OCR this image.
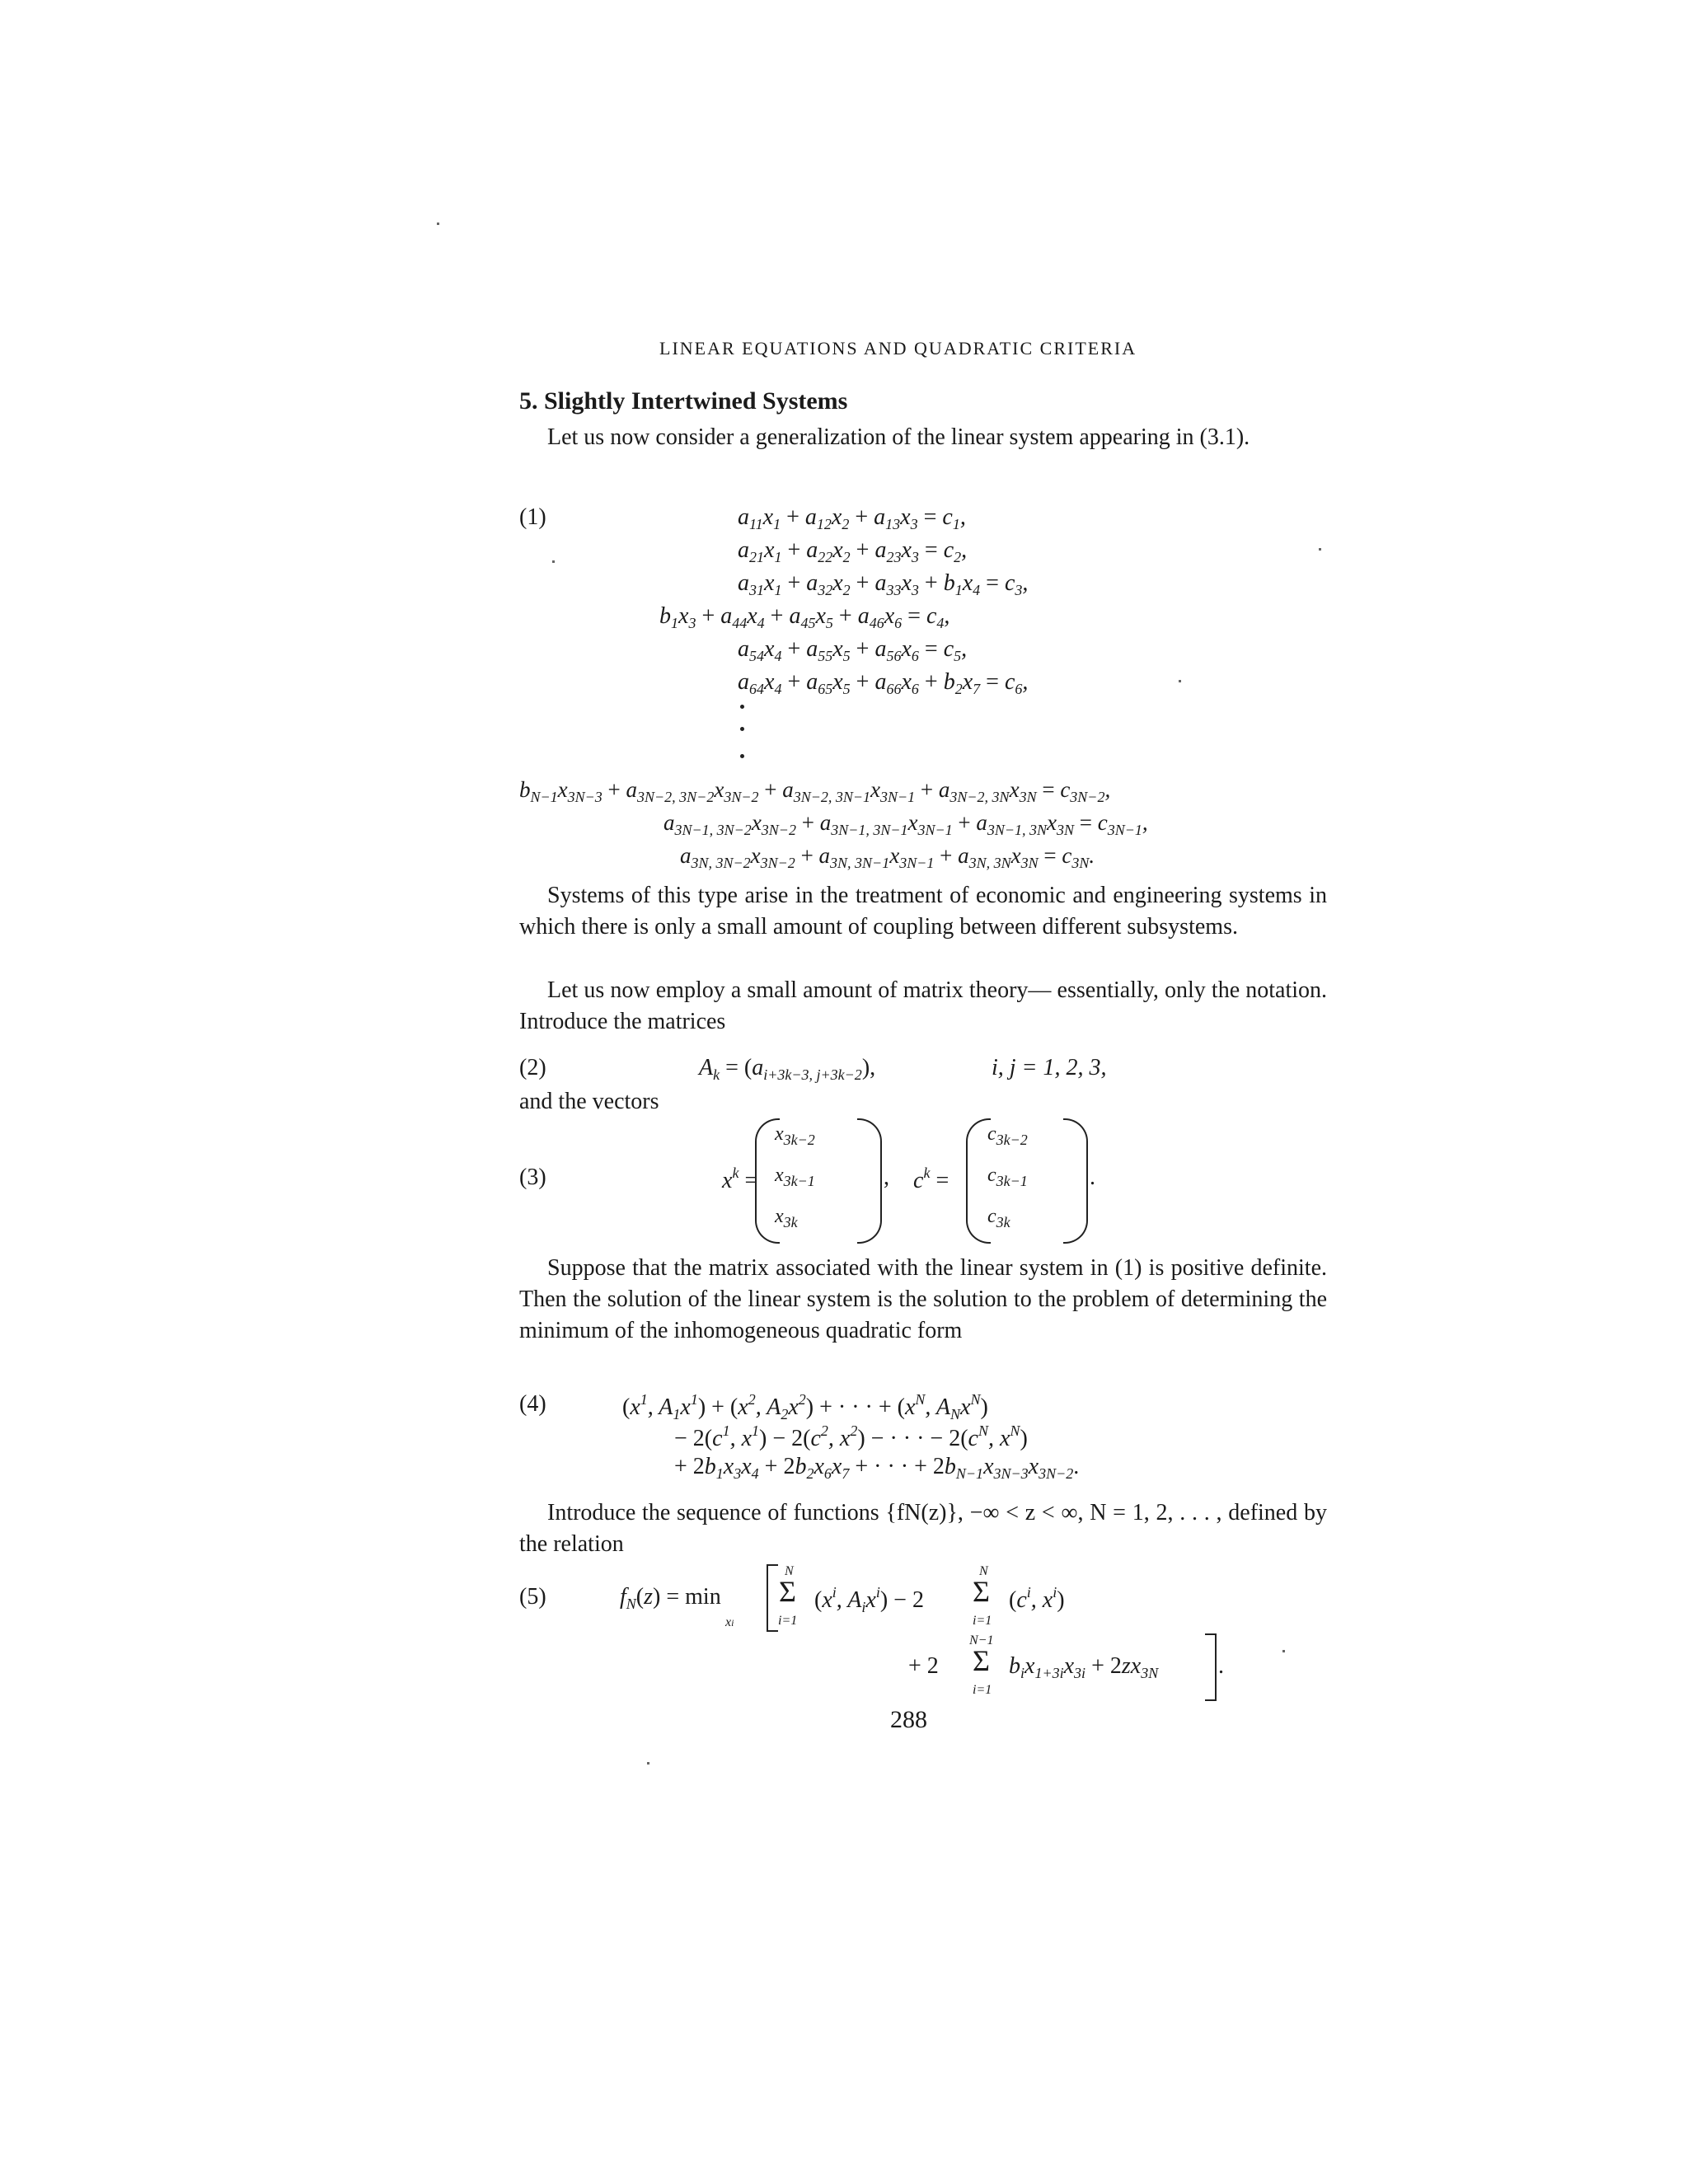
LINEAR EQUATIONS AND QUADRATIC CRITERIA
5. Slightly Intertwined Systems

Let us now consider a generalization of the linear system appearing in (3.1).

(1)	$a_{11}x_1 + a_{12}x_2 + a_{13}x_3 = c_1$,
$a_{21}x_1 + a_{22}x_2 + a_{23}x_3 = c_2$,
$a_{31}x_1 + a_{32}x_2 + a_{33}x_3 + b_1x_4 = c_3$,
$b_1x_3 + a_{44}x_4 + a_{45}x_5 + a_{46}x_6 = c_4$,
$a_{54}x_4 + a_{55}x_5 + a_{56}x_6 = c_5$,
$a_{64}x_4 + a_{65}x_5 + a_{66}x_6 + b_2x_7 = c_6$,
$b_{N-1}x_{3N-3} + a_{3N-2, 3N-2}x_{3N-2} + a_{3N-2, 3N-1}x_{3N-1} + a_{3N-2, 3N}x_{3N} = c_{3N-2}$,
$a_{3N-1, 3N-2}x_{3N-2} + a_{3N-1, 3N-1}x_{3N-1} + a_{3N-1, 3N}x_{3N} = c_{3N-1}$,
$a_{3N, 3N-2}x_{3N-2} + a_{3N, 3N-1}x_{3N-1} + a_{3N, 3N}x_{3N} = c_{3N}$.

Systems of this type arise in the treatment of economic and engineering systems in which there is only a small amount of coupling between different subsystems.

Let us now employ a small amount of matrix theory— essentially, only the notation. Introduce the matrices

(2)	$A_k = (a_{i+3k-3, j+3k-2})$,	i, j = 1, 2, 3,

and the vectors

(3)	$x^k$ =
$x_{3k-2}$
$x_{3k-1}$
$x_{3k}$
, $c^k$ =
$c_{3k-2}$
$c_{3k-1}$
$c_{3k}$
.

Suppose that the matrix associated with the linear system in (1) is positive definite. Then the solution of the linear system is the solution to the problem of determining the minimum of the inhomogeneous quadratic form

(4)	($x^1$, $A_1x^1) + (x^2$, $A_2x^2$) + · · · + ($x^N$, $A_Nx^N$)
− $2(c^1$, $x^1) - 2(c^2$, $x^2$) − · · · − $2(c^N$, $x^N$)
+ $2b_1x_3x_4 + 2b_2x_6x_7$ + · · · + $2b_{N-1}x_{3N-3}x_{3N-2}$.

Introduce the sequence of functions {fN(z)}, −∞ < z < ∞, N = 1, 2, . . . , defined by the relation

(5)	$f_N(z) = \min$
xi
N
Σ
i=1
($x^i$, $A_ix^i) - 2$
N
Σ
i=1
($c^i$, $x^i$)
+ 2
N−1
Σ
i=1
$b_ix_{1+3i}x_{3i} + 2zx_{3N}$	.
288
